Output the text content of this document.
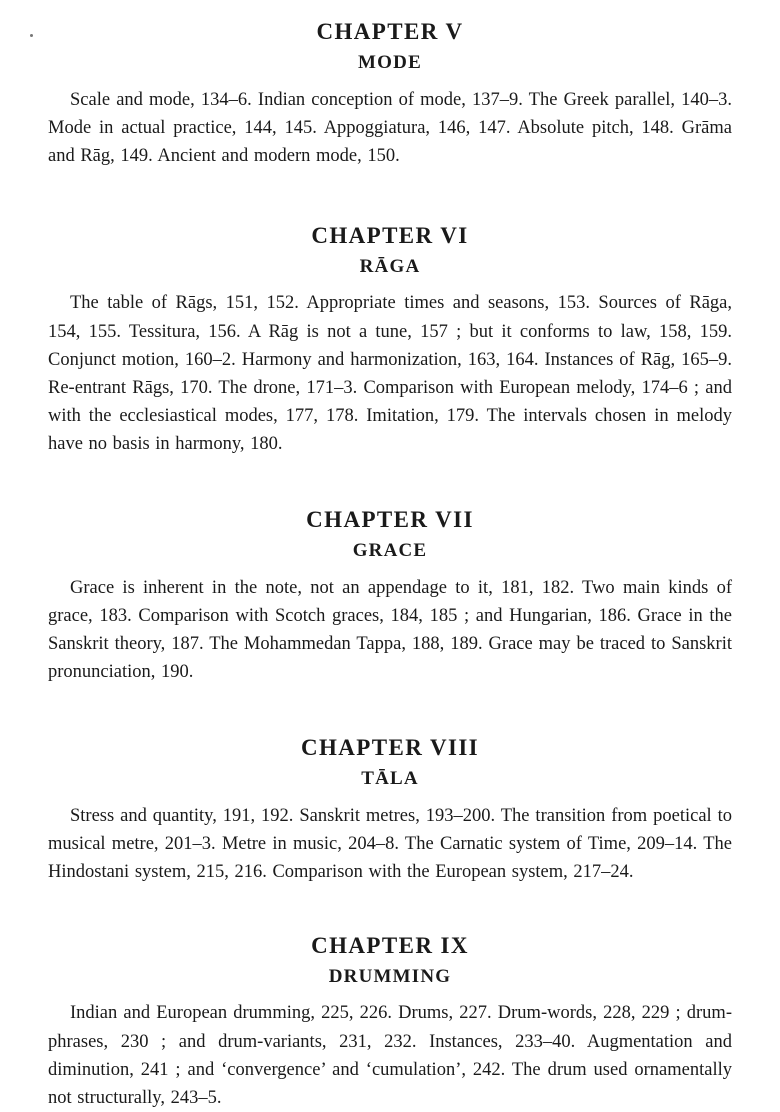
CHAPTER V
MODE

Scale and mode, 134–6. Indian conception of mode, 137–9. The Greek parallel, 140–3. Mode in actual practice, 144, 145. Appoggiatura, 146, 147. Absolute pitch, 148. Grāma and Rāg, 149. Ancient and modern mode, 150.

CHAPTER VI
RĀGA

The table of Rāgs, 151, 152. Appropriate times and seasons, 153. Sources of Rāga, 154, 155. Tessitura, 156. A Rāg is not a tune, 157 ; but it conforms to law, 158, 159. Conjunct motion, 160–2. Harmony and harmonization, 163, 164. Instances of Rāg, 165–9. Re-entrant Rāgs, 170. The drone, 171–3. Comparison with European melody, 174–6 ; and with the ecclesiastical modes, 177, 178. Imitation, 179. The intervals chosen in melody have no basis in harmony, 180.

CHAPTER VII
GRACE

Grace is inherent in the note, not an appendage to it, 181, 182. Two main kinds of grace, 183. Comparison with Scotch graces, 184, 185 ; and Hungarian, 186. Grace in the Sanskrit theory, 187. The Mohammedan Tappa, 188, 189. Grace may be traced to Sanskrit pronunciation, 190.

CHAPTER VIII
TĀLA

Stress and quantity, 191, 192. Sanskrit metres, 193–200. The transition from poetical to musical metre, 201–3. Metre in music, 204–8. The Carnatic system of Time, 209–14. The Hindostani system, 215, 216. Comparison with the European system, 217–24.

CHAPTER IX
DRUMMING

Indian and European drumming, 225, 226. Drums, 227. Drum-words, 228, 229 ; drum-phrases, 230 ; and drum-variants, 231, 232. Instances, 233–40. Augmentation and diminution, 241 ; and ‘convergence’ and ‘cumulation’, 242. The drum used ornamentally not structurally, 243–5.
